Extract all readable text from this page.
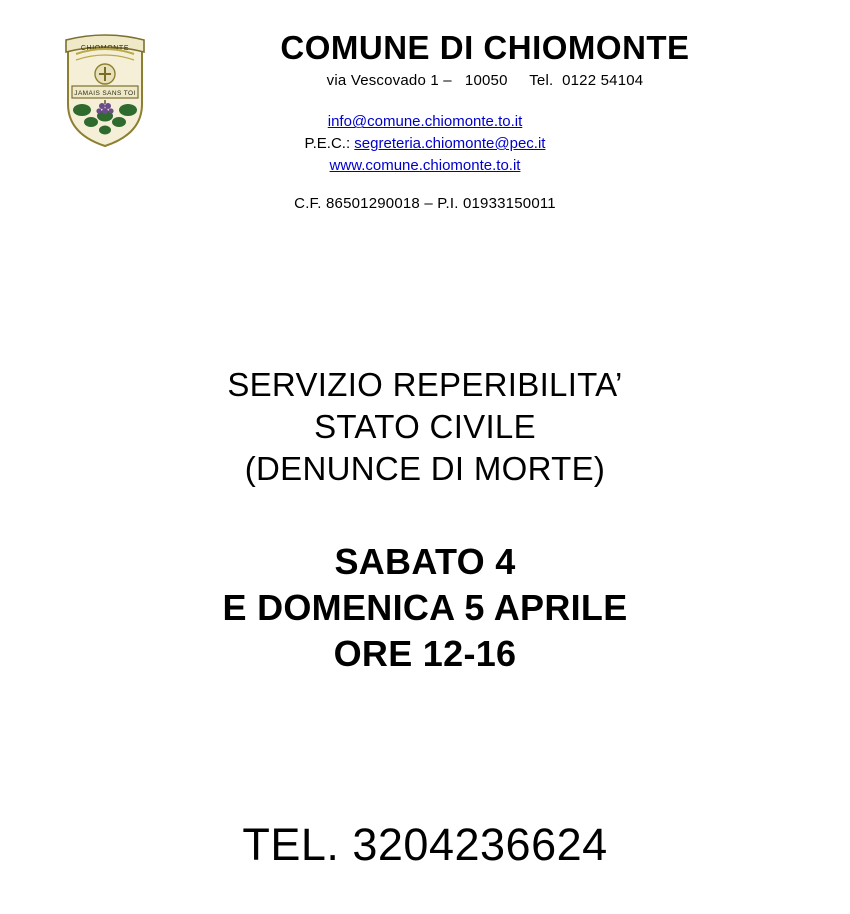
CHIOMONTE
JAMAIS SANS TOI
COMUNE DI CHIOMONTE
via Vescovado 1 –   10050     Tel.  0122 54104
info@comune.chiomonte.to.it
P.E.C.: segreteria.chiomonte@pec.it
www.comune.chiomonte.to.it
C.F. 86501290018 – P.I. 01933150011
SERVIZIO REPERIBILITA’
STATO CIVILE
(DENUNCE DI MORTE)
SABATO 4
E DOMENICA 5 APRILE
ORE 12-16
TEL. 3204236624
